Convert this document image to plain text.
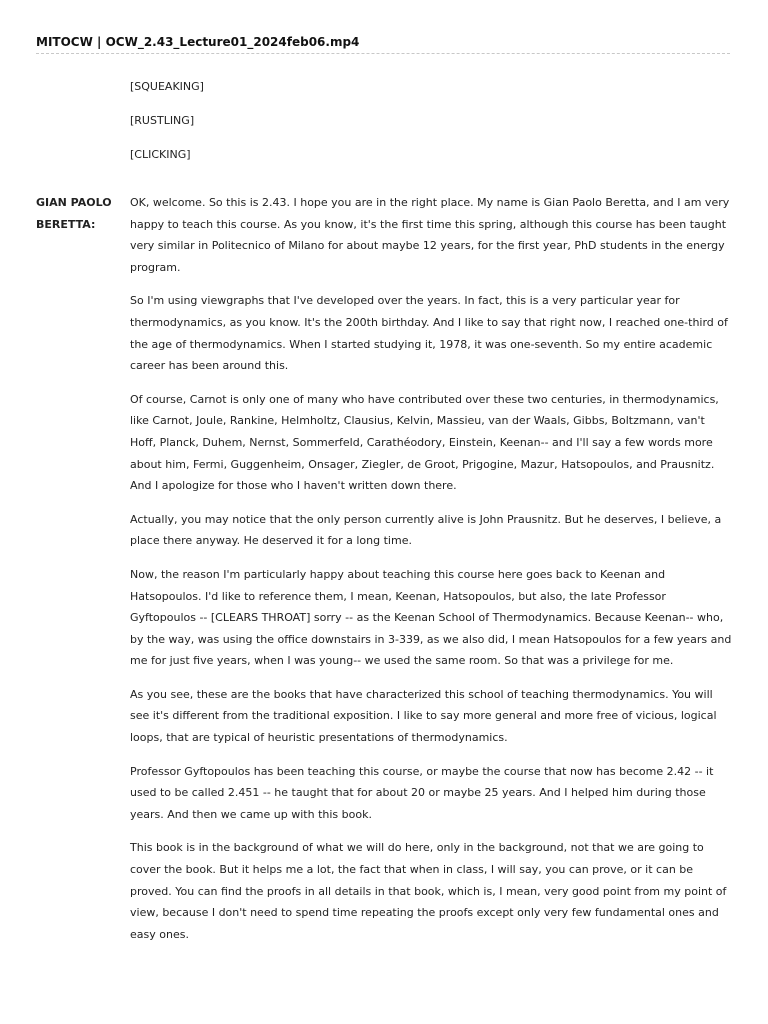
MITOCW | OCW_2.43_Lecture01_2024feb06.mp4
[SQUEAKING]
[RUSTLING]
[CLICKING]
GIAN PAOLO
BERETTA:

OK, welcome. So this is 2.43. I hope you are in the right place. My name is Gian Paolo Beretta, and I am very happy to teach this course. As you know, it's the first time this spring, although this course has been taught very similar in Politecnico of Milano for about maybe 12 years, for the first year, PhD students in the energy program.

So I'm using viewgraphs that I've developed over the years. In fact, this is a very particular year for thermodynamics, as you know. It's the 200th birthday. And I like to say that right now, I reached one-third of the age of thermodynamics. When I started studying it, 1978, it was one-seventh. So my entire academic career has been around this.

Of course, Carnot is only one of many who have contributed over these two centuries, in thermodynamics, like Carnot, Joule, Rankine, Helmholtz, Clausius, Kelvin, Massieu, van der Waals, Gibbs, Boltzmann, van't Hoff, Planck, Duhem, Nernst, Sommerfeld, Carathéodory, Einstein, Keenan-- and I'll say a few words more about him, Fermi, Guggenheim, Onsager, Ziegler, de Groot, Prigogine, Mazur, Hatsopoulos, and Prausnitz. And I apologize for those who I haven't written down there.

Actually, you may notice that the only person currently alive is John Prausnitz. But he deserves, I believe, a place there anyway. He deserved it for a long time.

Now, the reason I'm particularly happy about teaching this course here goes back to Keenan and Hatsopoulos. I'd like to reference them, I mean, Keenan, Hatsopoulos, but also, the late Professor Gyftopoulos -- [CLEARS THROAT] sorry -- as the Keenan School of Thermodynamics. Because Keenan-- who, by the way, was using the office downstairs in 3-339, as we also did, I mean Hatsopoulos for a few years and me for just five years, when I was young-- we used the same room. So that was a privilege for me.

As you see, these are the books that have characterized this school of teaching thermodynamics. You will see it's different from the traditional exposition. I like to say more general and more free of vicious, logical loops, that are typical of heuristic presentations of thermodynamics.

Professor Gyftopoulos has been teaching this course, or maybe the course that now has become 2.42 -- it used to be called 2.451 -- he taught that for about 20 or maybe 25 years. And I helped him during those years. And then we came up with this book.

This book is in the background of what we will do here, only in the background, not that we are going to cover the book. But it helps me a lot, the fact that when in class, I will say, you can prove, or it can be proved. You can find the proofs in all details in that book, which is, I mean, very good point from my point of view, because I don't need to spend time repeating the proofs except only very few fundamental ones and easy ones.
